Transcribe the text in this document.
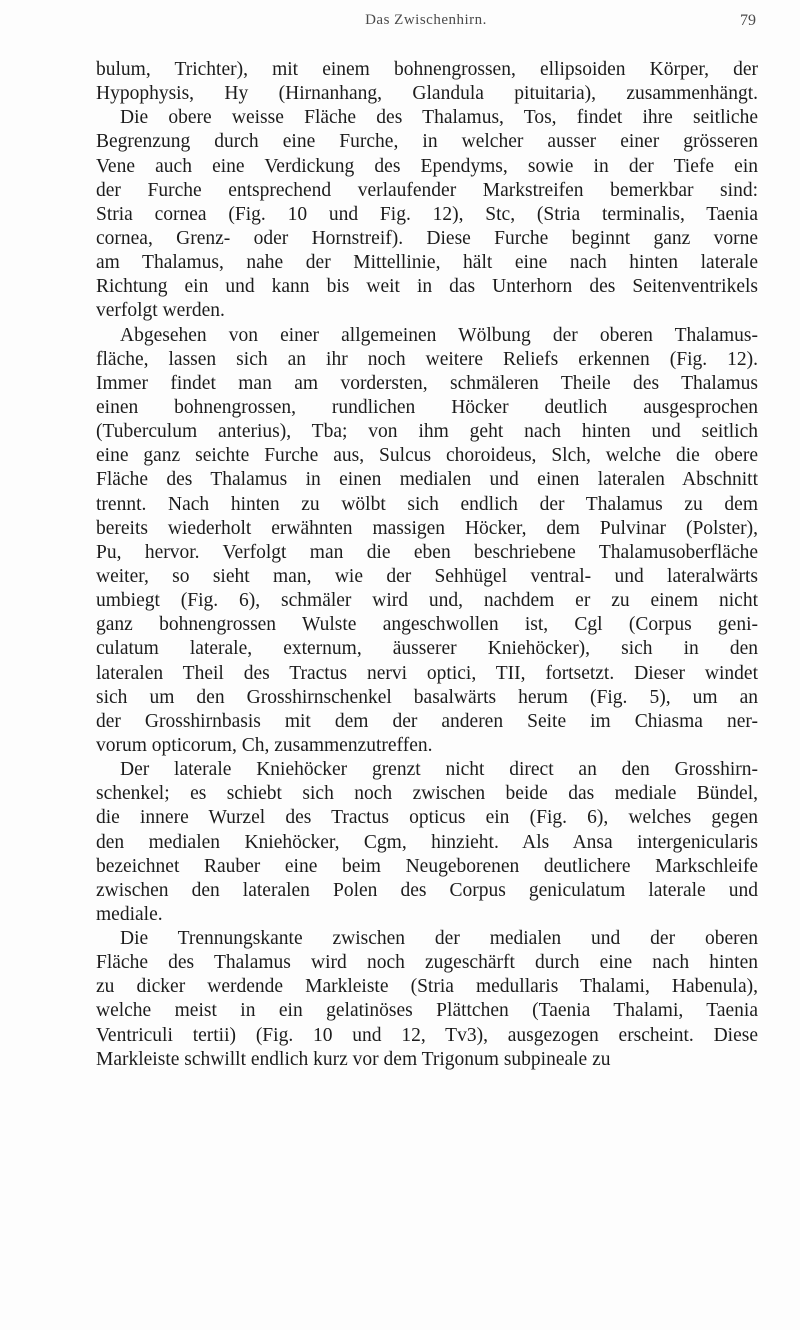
Das Zwischenhirn.	79
bulum, Trichter), mit einem bohnengrossen, ellipsoiden Körper, der
Hypophysis, Hy (Hirnanhang, Glandula pituitaria), zusammenhängt.
Die obere weisse Fläche des Thalamus, Tos, findet ihre seitliche
Begrenzung durch eine Furche, in welcher ausser einer grösseren
Vene auch eine Verdickung des Ependyms, sowie in der Tiefe ein
der Furche entsprechend verlaufender Markstreifen bemerkbar sind:
Stria cornea (Fig. 10 und Fig. 12), Stc, (Stria terminalis, Taenia
cornea, Grenz- oder Hornstreif). Diese Furche beginnt ganz vorne
am Thalamus, nahe der Mittellinie, hält eine nach hinten laterale
Richtung ein und kann bis weit in das Unterhorn des Seitenventrikels
verfolgt werden.
Abgesehen von einer allgemeinen Wölbung der oberen Thalamus-
fläche, lassen sich an ihr noch weitere Reliefs erkennen (Fig. 12).
Immer findet man am vordersten, schmäleren Theile des Thalamus
einen bohnengrossen, rundlichen Höcker deutlich ausgesprochen
(Tuberculum anterius), Tba; von ihm geht nach hinten und seitlich
eine ganz seichte Furche aus, Sulcus choroideus, Slch, welche die obere
Fläche des Thalamus in einen medialen und einen lateralen Abschnitt
trennt. Nach hinten zu wölbt sich endlich der Thalamus zu dem
bereits wiederholt erwähnten massigen Höcker, dem Pulvinar (Polster),
Pu, hervor. Verfolgt man die eben beschriebene Thalamusoberfläche
weiter, so sieht man, wie der Sehhügel ventral- und lateralwärts
umbiegt (Fig. 6), schmäler wird und, nachdem er zu einem nicht
ganz bohnengrossen Wulste angeschwollen ist, Cgl (Corpus geni-
culatum laterale, externum, äusserer Kniehöcker), sich in den
lateralen Theil des Tractus nervi optici, TII, fortsetzt. Dieser windet
sich um den Grosshirnschenkel basalwärts herum (Fig. 5), um an
der Grosshirnbasis mit dem der anderen Seite im Chiasma ner-
vorum opticorum, Ch, zusammenzutreffen.
Der laterale Kniehöcker grenzt nicht direct an den Grosshirn-
schenkel; es schiebt sich noch zwischen beide das mediale Bündel,
die innere Wurzel des Tractus opticus ein (Fig. 6), welches gegen
den medialen Kniehöcker, Cgm, hinzieht. Als Ansa intergenicularis
bezeichnet Rauber eine beim Neugeborenen deutlichere Markschleife
zwischen den lateralen Polen des Corpus geniculatum laterale und
mediale.
Die Trennungskante zwischen der medialen und der oberen
Fläche des Thalamus wird noch zugeschärft durch eine nach hinten
zu dicker werdende Markleiste (Stria medullaris Thalami, Habenula),
welche meist in ein gelatinöses Plättchen (Taenia Thalami, Taenia
Ventriculi tertii) (Fig. 10 und 12, Tv3), ausgezogen erscheint. Diese
Markleiste schwillt endlich kurz vor dem Trigonum subpineale zu
